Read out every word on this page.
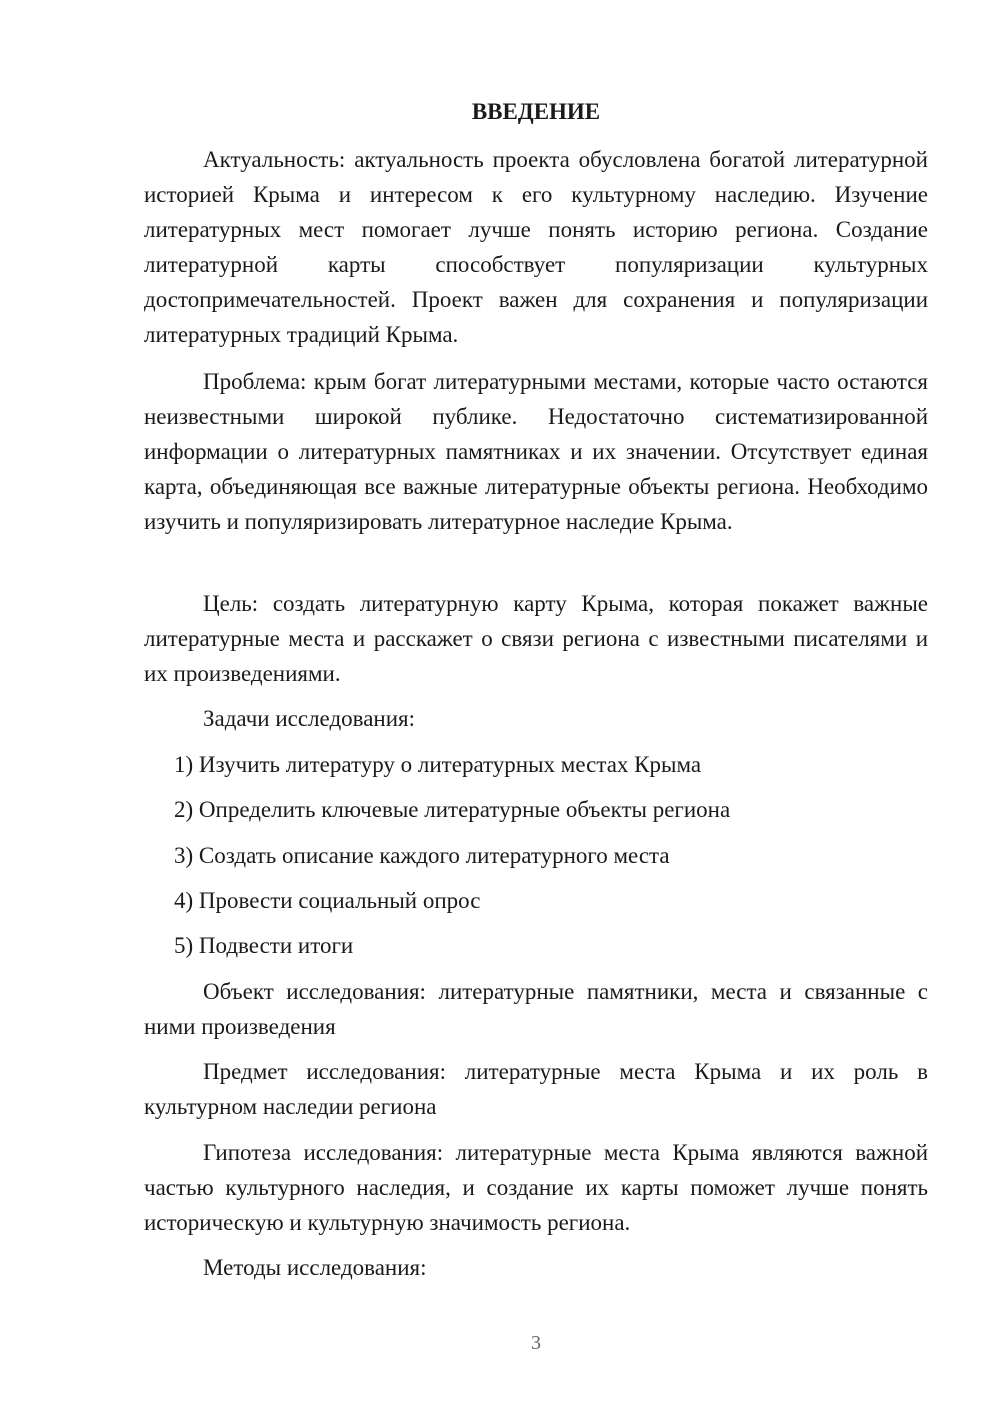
ВВЕДЕНИЕ

Актуальность: актуальность проекта обусловлена богатой литературной историей Крыма и интересом к его культурному наследию. Изучение литературных мест помогает лучше понять историю региона. Создание литературной карты способствует популяризации культурных достопримечательностей. Проект важен для сохранения и популяризации литературных традиций Крыма.

Проблема: крым богат литературными местами, которые часто остаются неизвестными широкой публике. Недостаточно систематизированной информации о литературных памятниках и их значении. Отсутствует единая карта, объединяющая все важные литературные объекты региона. Необходимо изучить и популяризировать литературное наследие Крыма.

Цель: создать литературную карту Крыма, которая покажет важные литературные места и расскажет о связи региона с известными писателями и их произведениями.

Задачи исследования:

1) Изучить литературу о литературных местах Крыма
2) Определить ключевые литературные объекты региона
3) Создать описание каждого литературного места
4) Провести социальный опрос
5) Подвести итоги

Объект исследования: литературные памятники, места и связанные с ними произведения

Предмет исследования: литературные места Крыма и их роль в культурном наследии региона

Гипотеза исследования: литературные места Крыма являются важной частью культурного наследия, и создание их карты поможет лучше понять историческую и культурную значимость региона.

Методы исследования:

3
